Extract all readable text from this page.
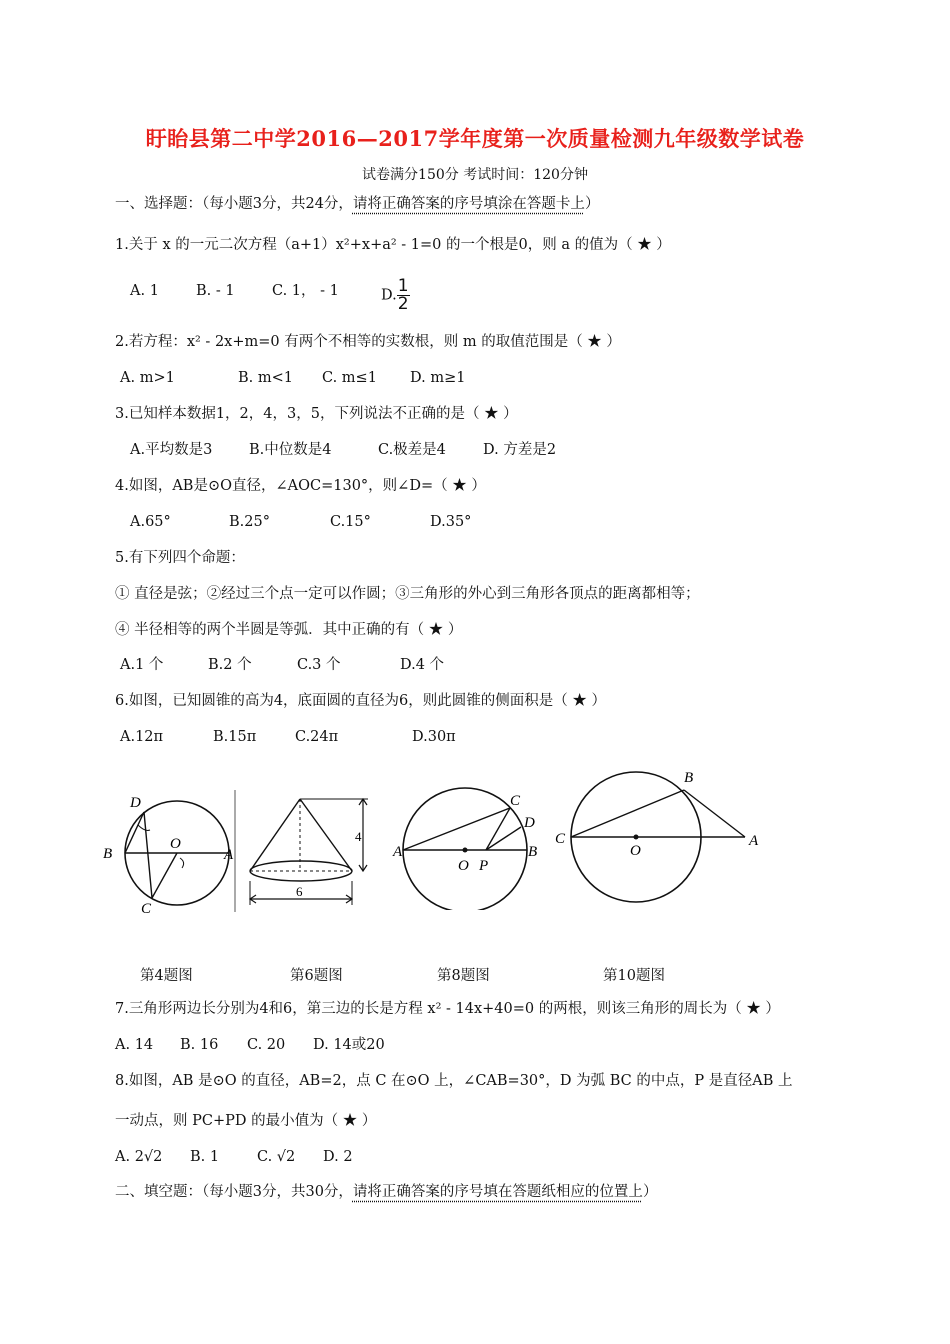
盱眙县第二中学2016—2017学年度第一次质量检测九年级数学试卷
试卷满分150分 考试时间：120分钟
一、选择题：（每小题3分，共24分，请将正确答案的序号填涂在答题卡上）
1.关于 x 的一元二次方程（a+1）x²+x+a² - 1=0 的一个根是0，则 a 的值为（ ★ ）
A. 1	B. - 1	C. 1， - 1	D. $\frac{1}{2}$
2.若方程：x² - 2x+m=0 有两个不相等的实数根，则 m 的取值范围是（ ★ ）
A. m>1	B. m<1 C. m≤1 D. m≥1
3.已知样本数据1，2，4，3，5，下列说法不正确的是（ ★ ）
A.平均数是3	B.中位数是4	C.极差是4	D. 方差是2
4.如图，AB是⊙O直径，∠AOC=130°，则∠D=（ ★ ）
A.65°	B.25°	C.15°	D.35°
5.有下列四个命题：
① 直径是弦；②经过三个点一定可以作圆；③三角形的外心到三角形各顶点的距离都相等；
④ 半径相等的两个半圆是等弧．其中正确的有（ ★ ）
A.1 个	B.2 个	C.3 个	D.4 个
6.如图，已知圆锥的高为4，底面圆的直径为6，则此圆锥的侧面积是（ ★ ）
A.12π	B.15π	C.24π	D.30π
D
B
O
A
C
4
6
A
O P
B
C
D
B
C
O
A
第4题图	第6题图	第8题图	第10题图
7.三角形两边长分别为4和6，第三边的长是方程 x² - 14x+40=0 的两根，则该三角形的周长为（ ★ ）
A. 14 B. 16 C. 20 D. 14或20
8.如图，AB 是⊙O 的直径，AB=2，点 C 在⊙O 上，∠CAB=30°，D 为弧 BC 的中点，P 是直径AB 上
一动点，则 PC+PD 的最小值为（ ★ ）
A. 2√2 B. 1	C. √2 D. 2
二、填空题：（每小题3分，共30分，请将正确答案的序号填在答题纸相应的位置上）
